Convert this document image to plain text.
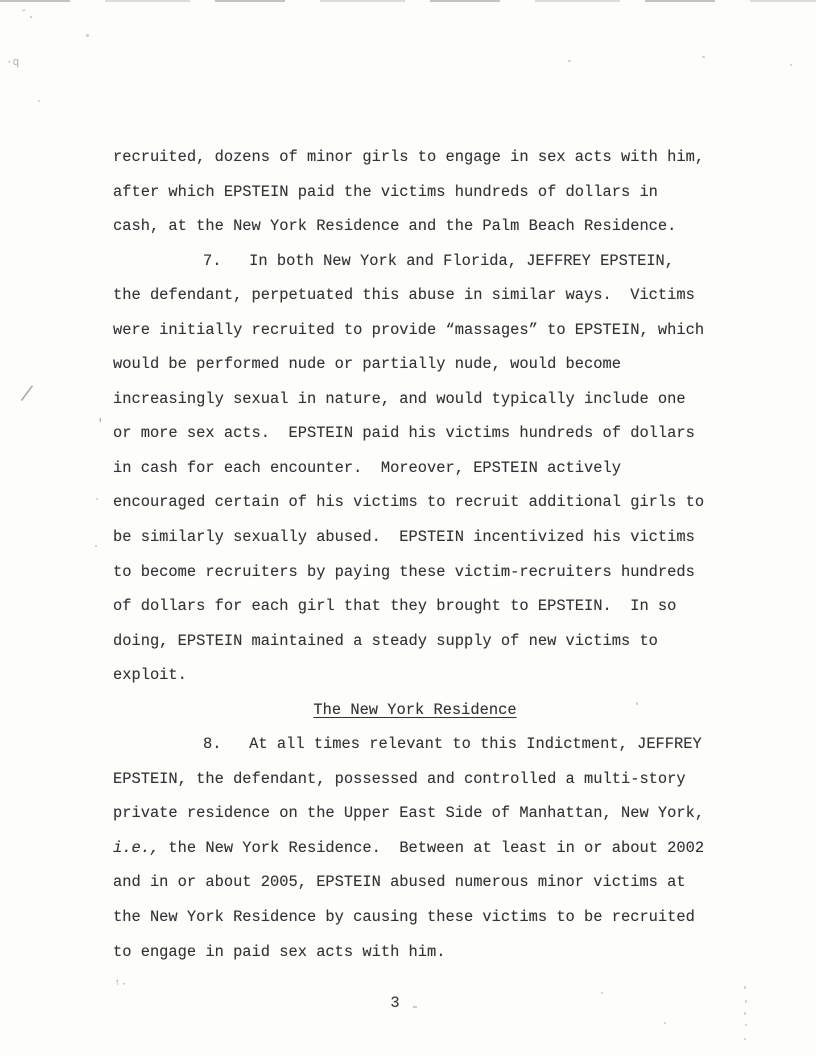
recruited, dozens of minor girls to engage in sex acts with him,
after which EPSTEIN paid the victims hundreds of dollars in
cash, at the New York Residence and the Palm Beach Residence.
7.   In both New York and Florida, JEFFREY EPSTEIN,
the defendant, perpetuated this abuse in similar ways.  Victims
were initially recruited to provide “massages” to EPSTEIN, which
would be performed nude or partially nude, would become
increasingly sexual in nature, and would typically include one
or more sex acts.  EPSTEIN paid his victims hundreds of dollars
in cash for each encounter.  Moreover, EPSTEIN actively
encouraged certain of his victims to recruit additional girls to
be similarly sexually abused.  EPSTEIN incentivized his victims
to become recruiters by paying these victim-recruiters hundreds
of dollars for each girl that they brought to EPSTEIN.  In so
doing, EPSTEIN maintained a steady supply of new victims to
exploit.
The New York Residence
8.   At all times relevant to this Indictment, JEFFREY
EPSTEIN, the defendant, possessed and controlled a multi-story
private residence on the Upper East Side of Manhattan, New York,
i.e., the New York Residence.  Between at least in or about 2002
and in or about 2005, EPSTEIN abused numerous minor victims at
the New York Residence by causing these victims to be recruited
to engage in paid sex acts with him.
3
ˇ.
·q
/
'
ᵗ·
